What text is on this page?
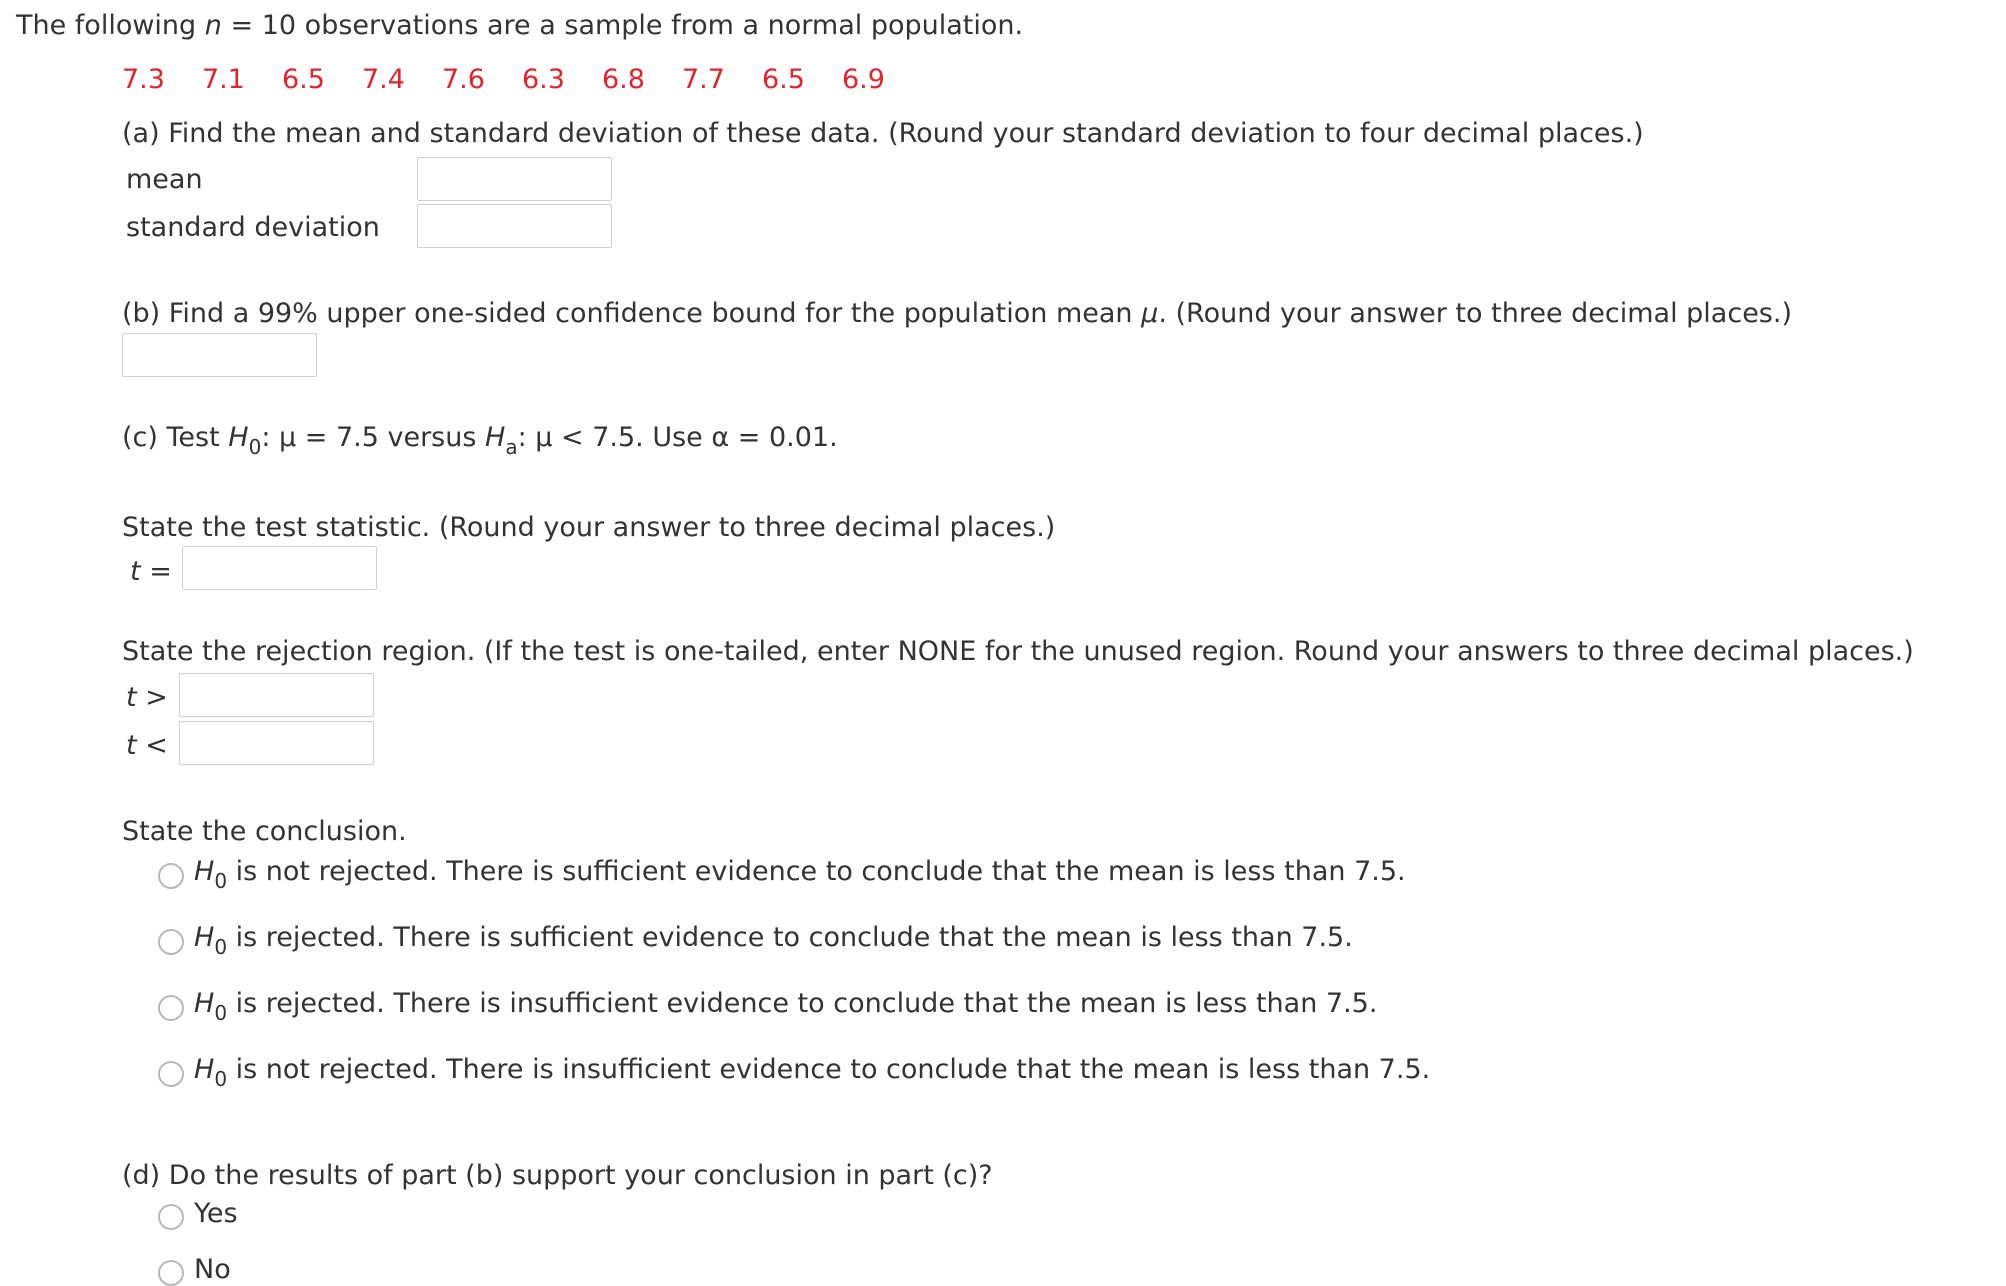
The following n = 10 observations are a sample from a normal population.
7.3 7.1 6.5 7.4 7.6 6.3 6.8 7.7 6.5 6.9
(a) Find the mean and standard deviation of these data. (Round your standard deviation to four decimal places.)
mean
standard deviation
(b) Find a 99% upper one-sided confidence bound for the population mean μ. (Round your answer to three decimal places.)
(c) Test $H_0$: μ = 7.5 versus $H_a$: μ < 7.5. Use α = 0.01.
State the test statistic. (Round your answer to three decimal places.)
t =
State the rejection region. (If the test is one-tailed, enter NONE for the unused region. Round your answers to three decimal places.)
t >
t <
State the conclusion.
$H_0$ is not rejected. There is sufficient evidence to conclude that the mean is less than 7.5.
$H_0$ is rejected. There is sufficient evidence to conclude that the mean is less than 7.5.
$H_0$ is rejected. There is insufficient evidence to conclude that the mean is less than 7.5.
$H_0$ is not rejected. There is insufficient evidence to conclude that the mean is less than 7.5.
(d) Do the results of part (b) support your conclusion in part (c)?
Yes
No
